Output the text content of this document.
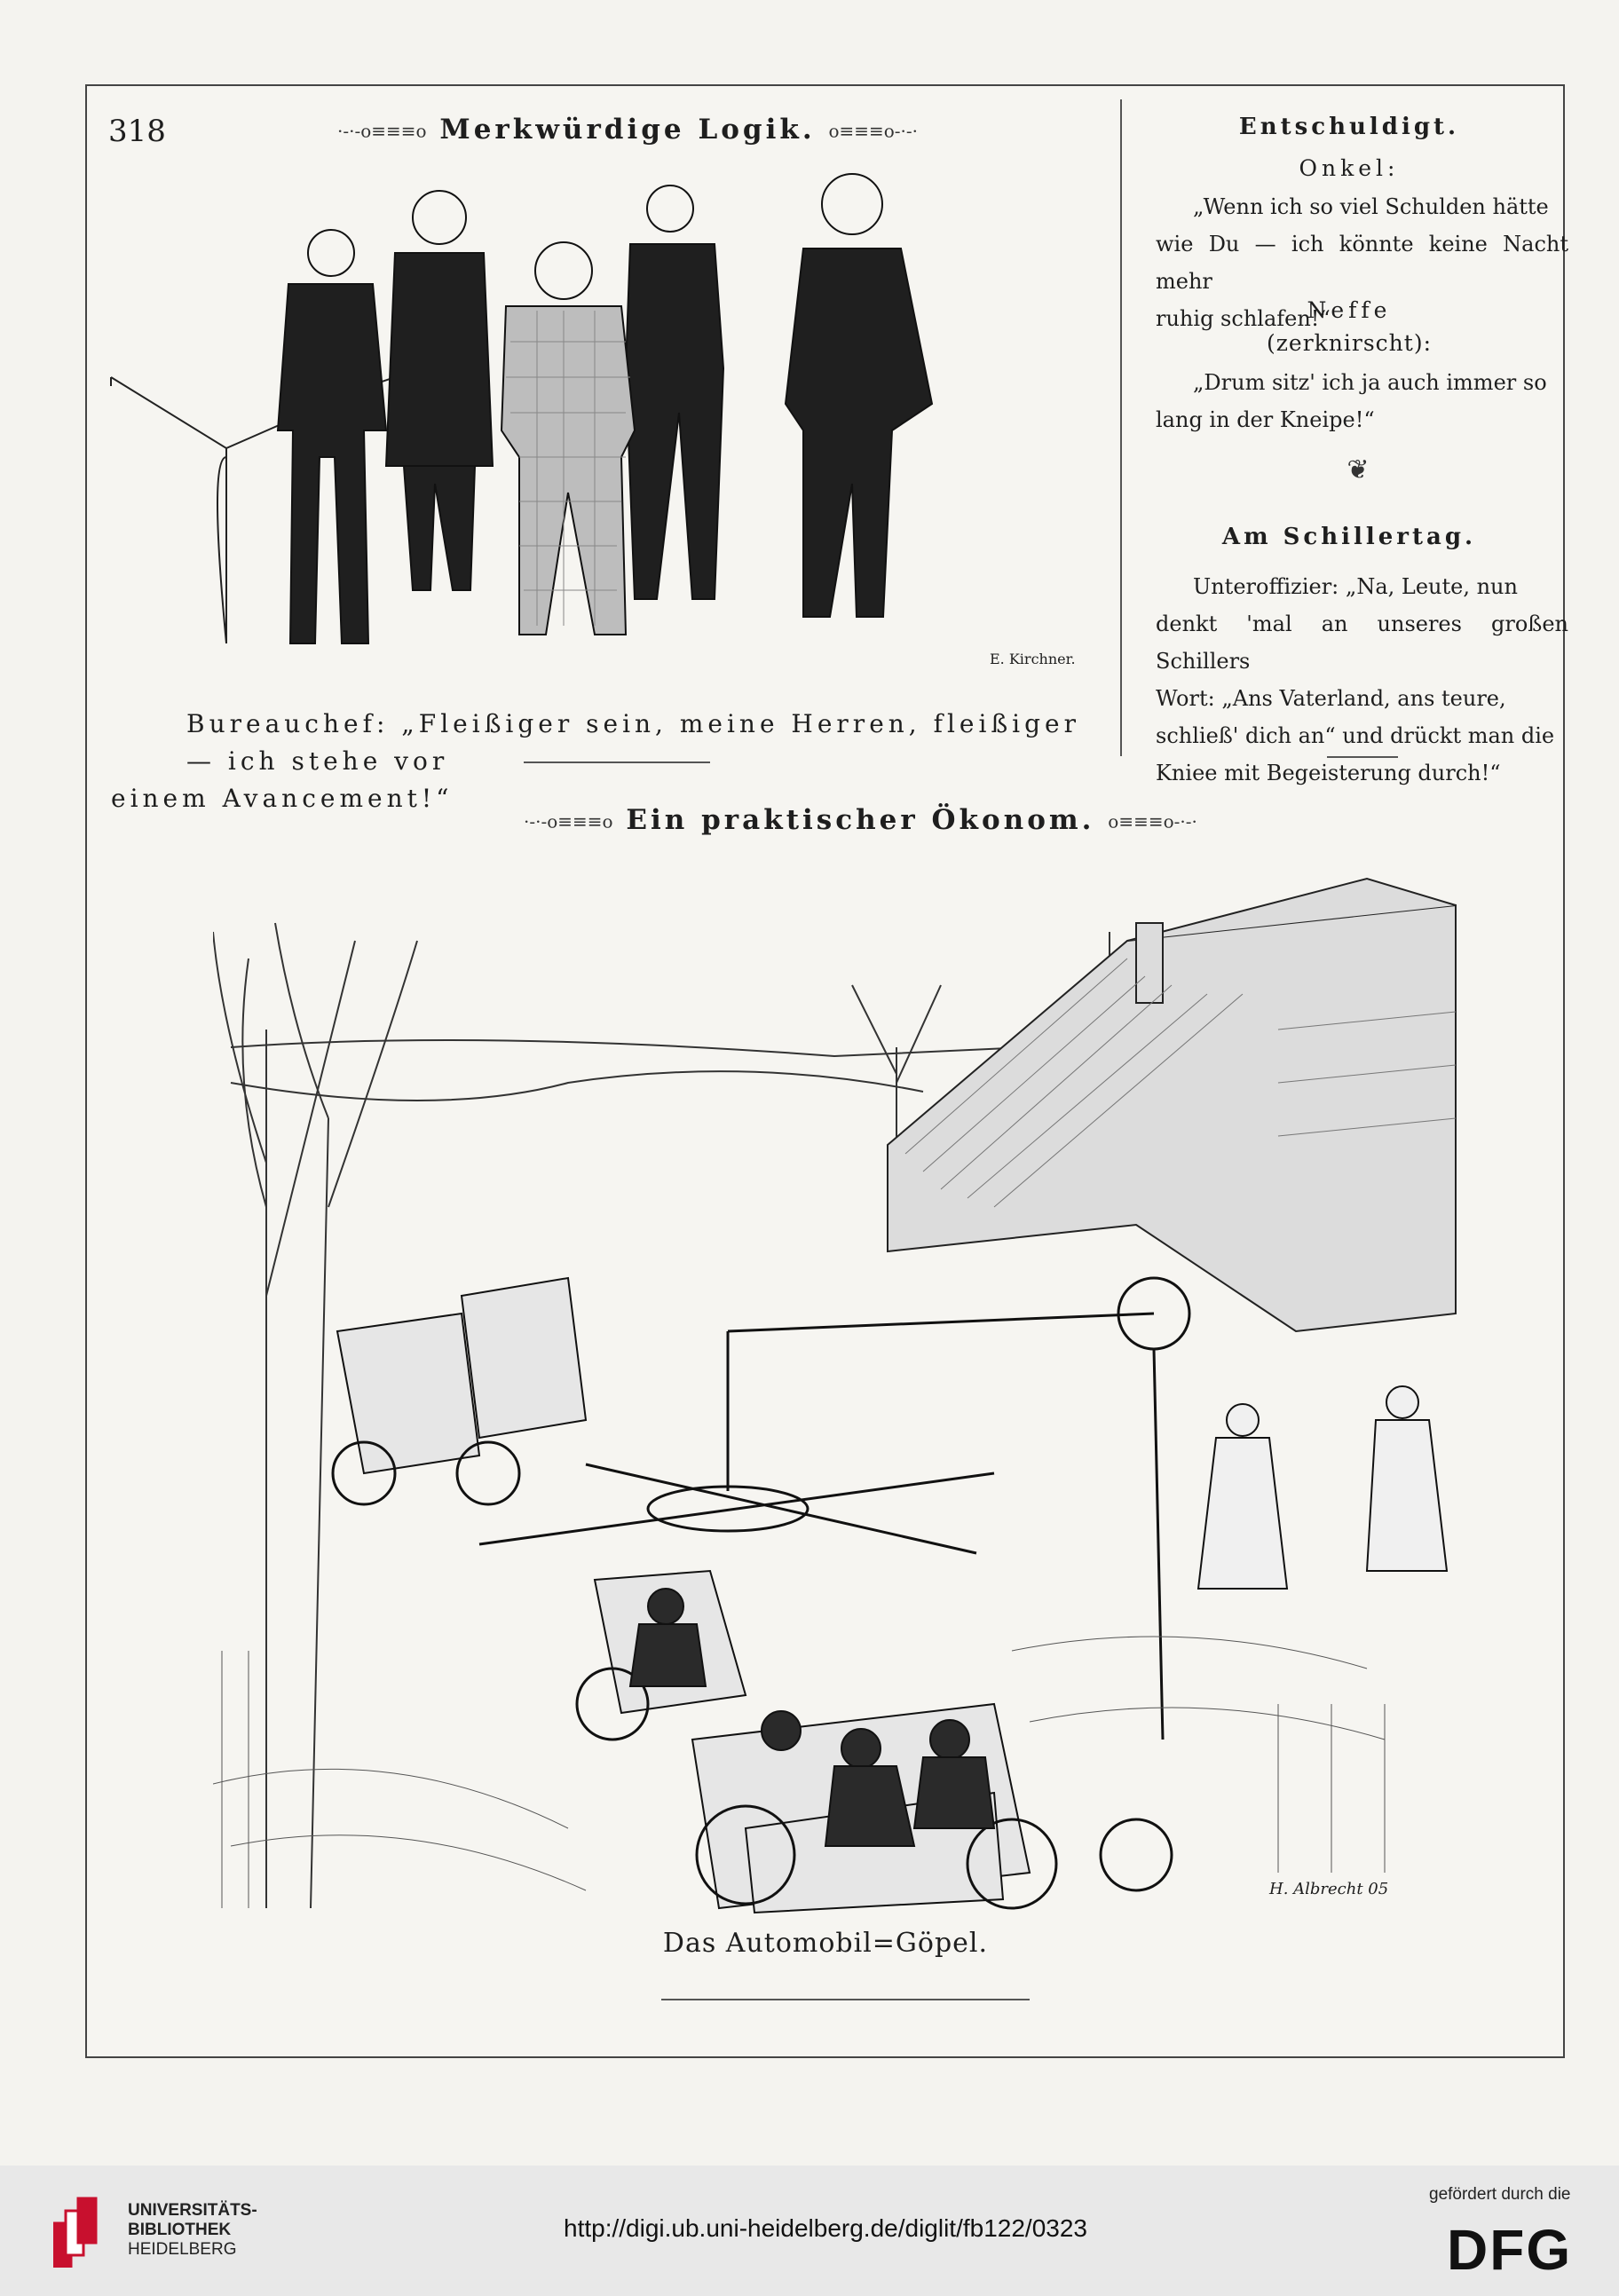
318	·-·-o≡≡≡o Merkwürdige Logik. o≡≡≡o-·-·
E. Kirchner.
Bureauchef: „Fleißiger sein, meine Herren, fleißiger — ich stehe vor
einem Avancement!“
Entschuldigt.
Onkel:
„Wenn ich so viel Schulden hätte
wie Du — ich könnte keine Nacht mehr
ruhig schlafen!“
Neffe
(zerknirscht):
„Drum sitz' ich ja auch immer so
lang in der Kneipe!“
❦
Am Schillertag.
Unteroffizier: „Na, Leute, nun
denkt 'mal an unseres großen Schillers
Wort: „Ans Vaterland, ans teure,
schließ' dich an“ und drückt man die
Kniee mit Begeisterung durch!“
·-·-o≡≡≡o Ein praktischer Ökonom. o≡≡≡o-·-·
H. Albrecht 05
Das Automobil=Göpel.
UNIVERSITÄTS-
BIBLIOTHEK
HEIDELBERG
http://digi.ub.uni-heidelberg.de/diglit/fb122/0323
gefördert durch die
DFG
